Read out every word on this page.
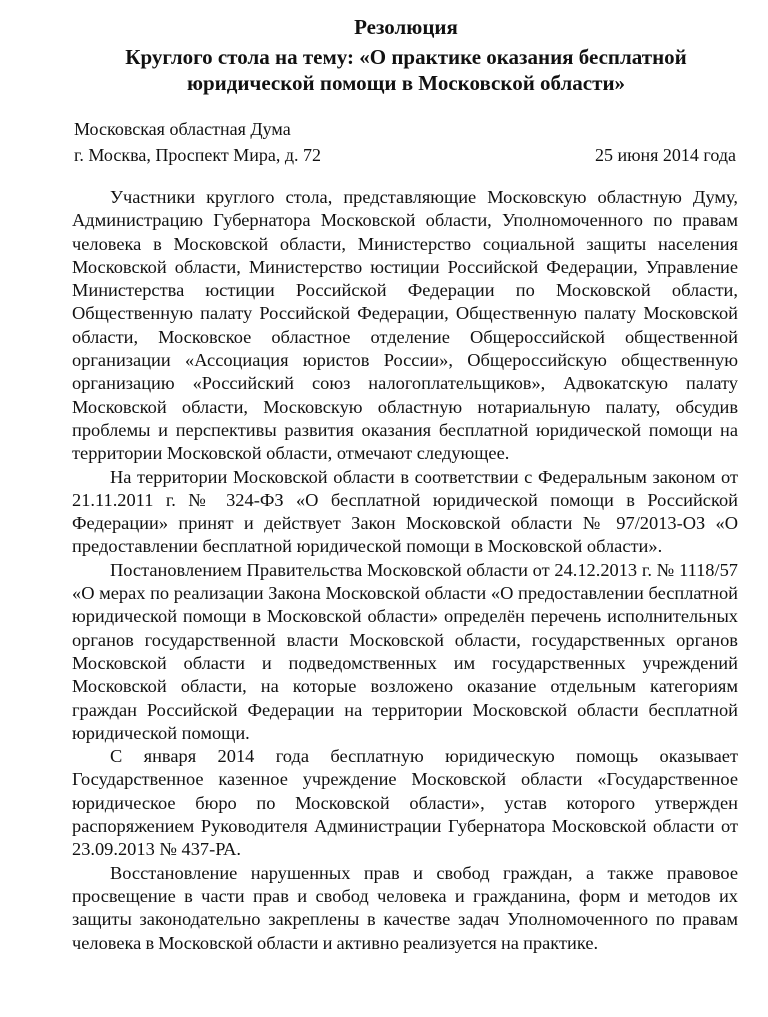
Резолюция
Круглого стола на тему: «О практике оказания бесплатной юридической помощи в Московской области»
Московская областная Дума
г. Москва, Проспект Мира, д. 72	25 июня 2014 года

Участники круглого стола, представляющие Московскую областную Думу, Администрацию Губернатора Московской области, Уполномоченного по правам человека в Московской области, Министерство социальной защиты населения Московской области, Министерство юстиции Российской Федерации, Управление Министерства юстиции Российской Федерации по Московской области, Общественную палату Российской Федерации, Общественную палату Московской области, Московское областное отделение Общероссийской общественной организации «Ассоциация юристов России», Общероссийскую общественную организацию «Российский союз налогоплательщиков», Адвокатскую палату Московской области, Московскую областную нотариальную палату, обсудив проблемы и перспективы развития оказания бесплатной юридической помощи на территории Московской области, отмечают следующее.

На территории Московской области в соответствии с Федеральным законом от 21.11.2011 г. № 324-ФЗ «О бесплатной юридической помощи в Российской Федерации» принят и действует Закон Московской области № 97/2013-ОЗ «О предоставлении бесплатной юридической помощи в Московской области».

Постановлением Правительства Московской области от 24.12.2013 г. № 1118/57 «О мерах по реализации Закона Московской области «О предоставлении бесплатной юридической помощи в Московской области» определён перечень исполнительных органов государственной власти Московской области, государственных органов Московской области и подведомственных им государственных учреждений Московской области, на которые возложено оказание отдельным категориям граждан Российской Федерации на территории Московской области бесплатной юридической помощи.

С января 2014 года бесплатную юридическую помощь оказывает Государственное казенное учреждение Московской области «Государственное юридическое бюро по Московской области», устав которого утвержден распоряжением Руководителя Администрации Губернатора Московской области от 23.09.2013 № 437-РА.

Восстановление нарушенных прав и свобод граждан, а также правовое просвещение в части прав и свобод человека и гражданина, форм и методов их защиты законодательно закреплены в качестве задач Уполномоченного по правам человека в Московской области и активно реализуется на практике.
